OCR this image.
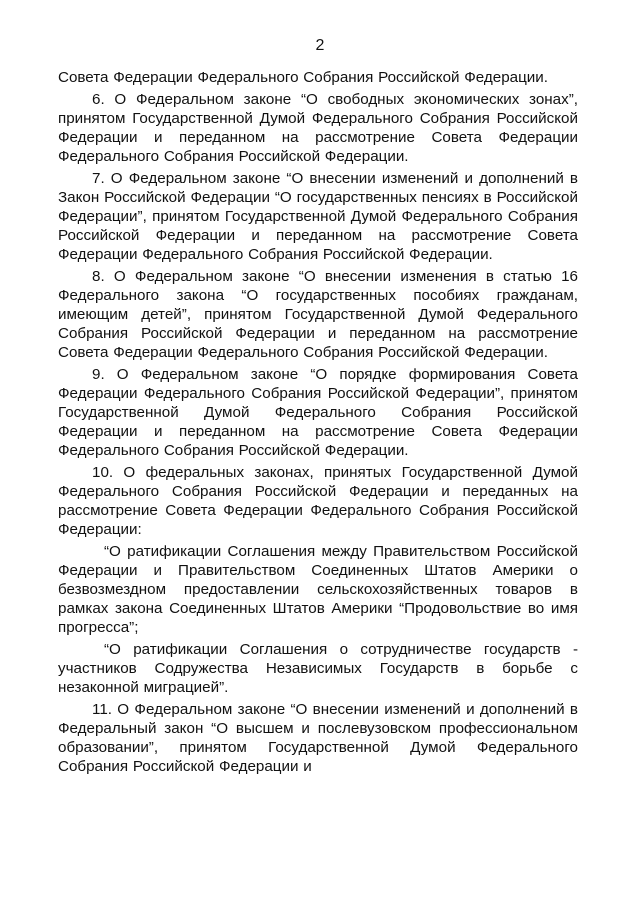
2

Совета Федерации Федерального Собрания Российской Федерации.

6. О Федеральном законе “О свободных экономических зонах”, принятом Государственной Думой Федерального Собрания Российской Федерации и переданном на рассмотрение Совета Федерации Федерального Собрания Российской Федерации.

7. О Федеральном законе “О внесении изменений и дополнений в Закон Российской Федерации “О государственных пенсиях в Российской Федерации”, принятом Государственной Думой Федерального Собрания Российской Федерации и переданном на рассмотрение Совета Федерации Федерального Собрания Российской Федерации.

8. О Федеральном законе “О внесении изменения в статью 16 Федерального закона “О государственных пособиях гражданам, имеющим детей”, принятом Государственной Думой Федерального Собрания Российской Федерации и переданном на рассмотрение Совета Федерации Федерального Собрания Российской Федерации.

9. О Федеральном законе “О порядке формирования Совета Федерации Федерального Собрания Российской Федерации”, принятом Государственной Думой Федерального Собрания Российской Федерации и переданном на рассмотрение Совета Федерации Федерального Собрания Российской Федерации.

10. О федеральных законах, принятых Государственной Думой Федерального Собрания Российской Федерации и переданных на рассмотрение Совета Федерации Федерального Собрания Российской Федерации:

“О ратификации Соглашения между Правительством Российской Федерации и Правительством Соединенных Штатов Америки о безвозмездном предоставлении сельскохозяйственных товаров в рамках закона Соединенных Штатов Америки “Продовольствие во имя прогресса”;

“О ратификации Соглашения о сотрудничестве государств - участников Содружества Независимых Государств в борьбе с незаконной миграцией”.

11. О Федеральном законе “О внесении изменений и дополнений в Федеральный закон “О высшем и послевузовском профессиональном образовании”, принятом Государственной Думой Федерального Собрания Российской Федерации и
